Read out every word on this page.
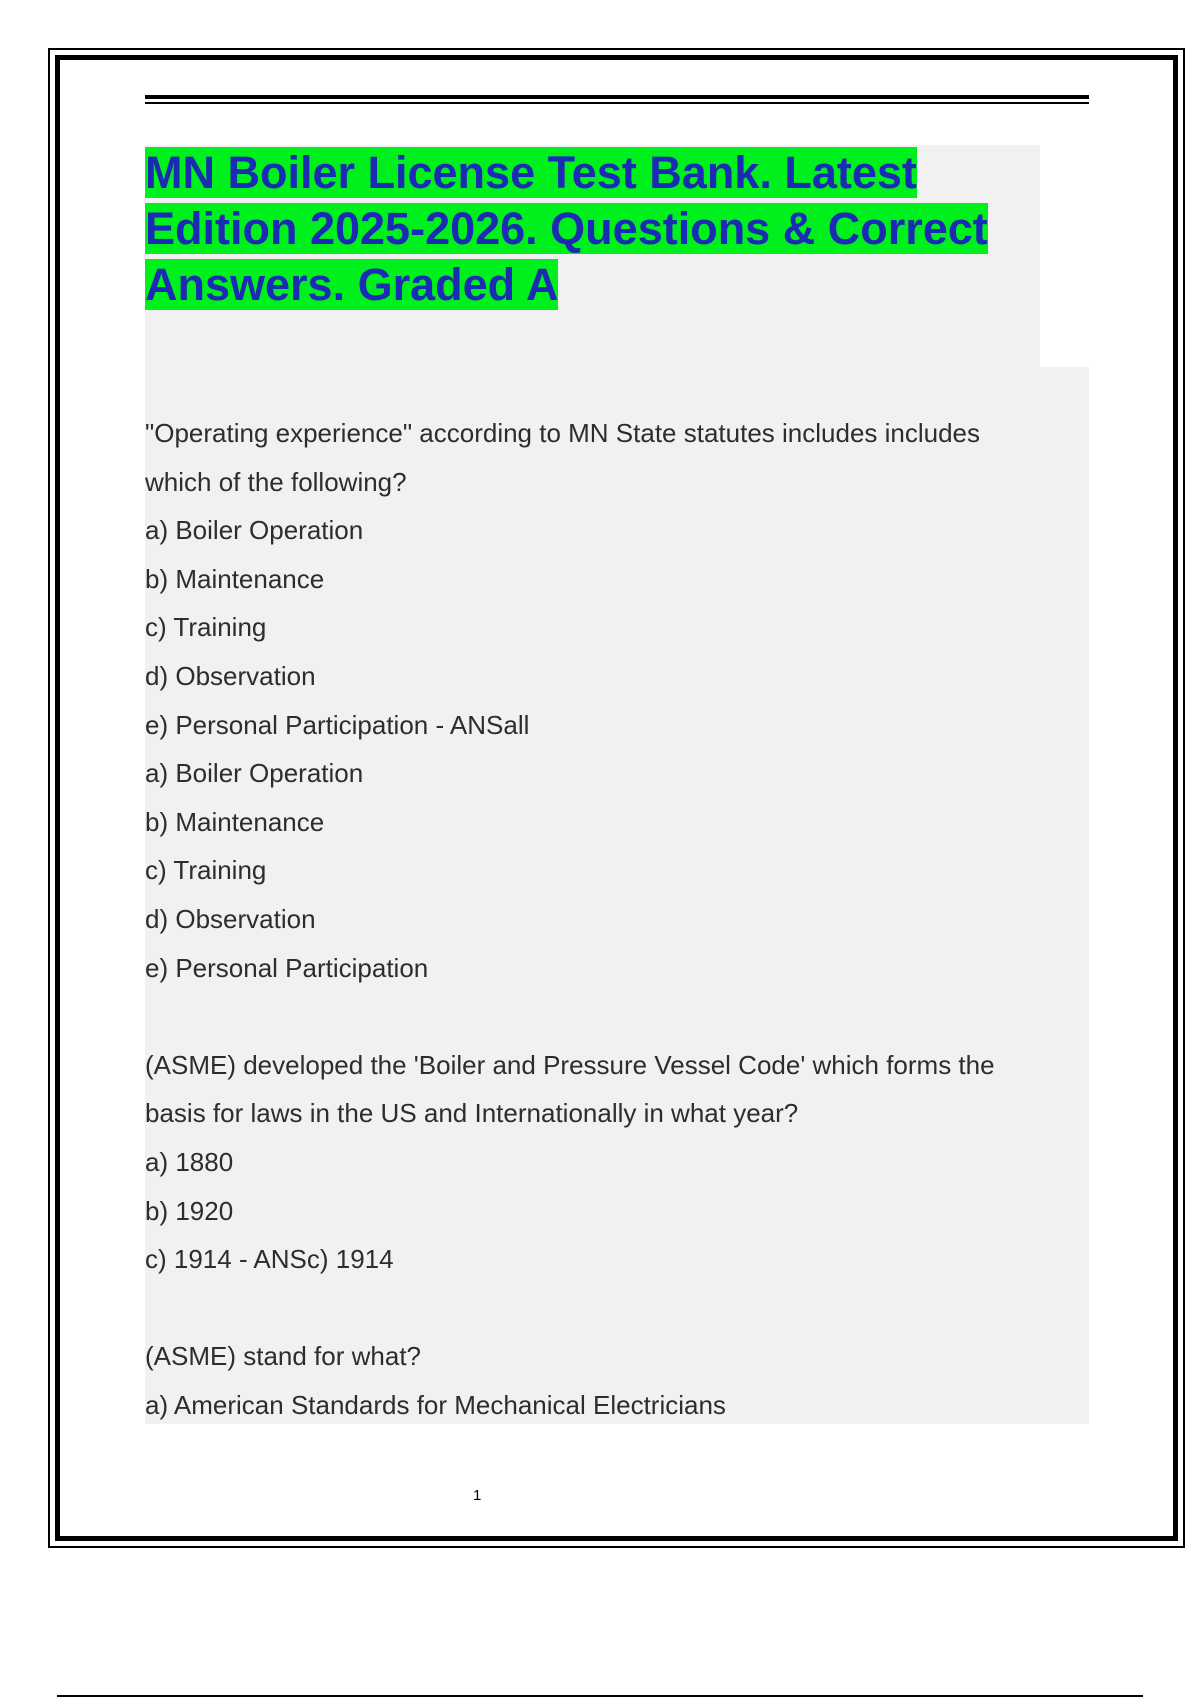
MN Boiler License Test Bank. Latest Edition 2025-2026. Questions & Correct Answers. Graded A

"Operating experience" according to MN State statutes includes includes

which of the following?

a) Boiler Operation

b) Maintenance

c) Training

d) Observation

e) Personal Participation - ANSall

a) Boiler Operation

b) Maintenance

c) Training

d) Observation

e) Personal Participation

(ASME) developed the 'Boiler and Pressure Vessel Code' which forms the

basis for laws in the US and Internationally in what year?

a) 1880

b) 1920

c) 1914 - ANSc) 1914

(ASME) stand for what?

a) American Standards for Mechanical Electricians

1
